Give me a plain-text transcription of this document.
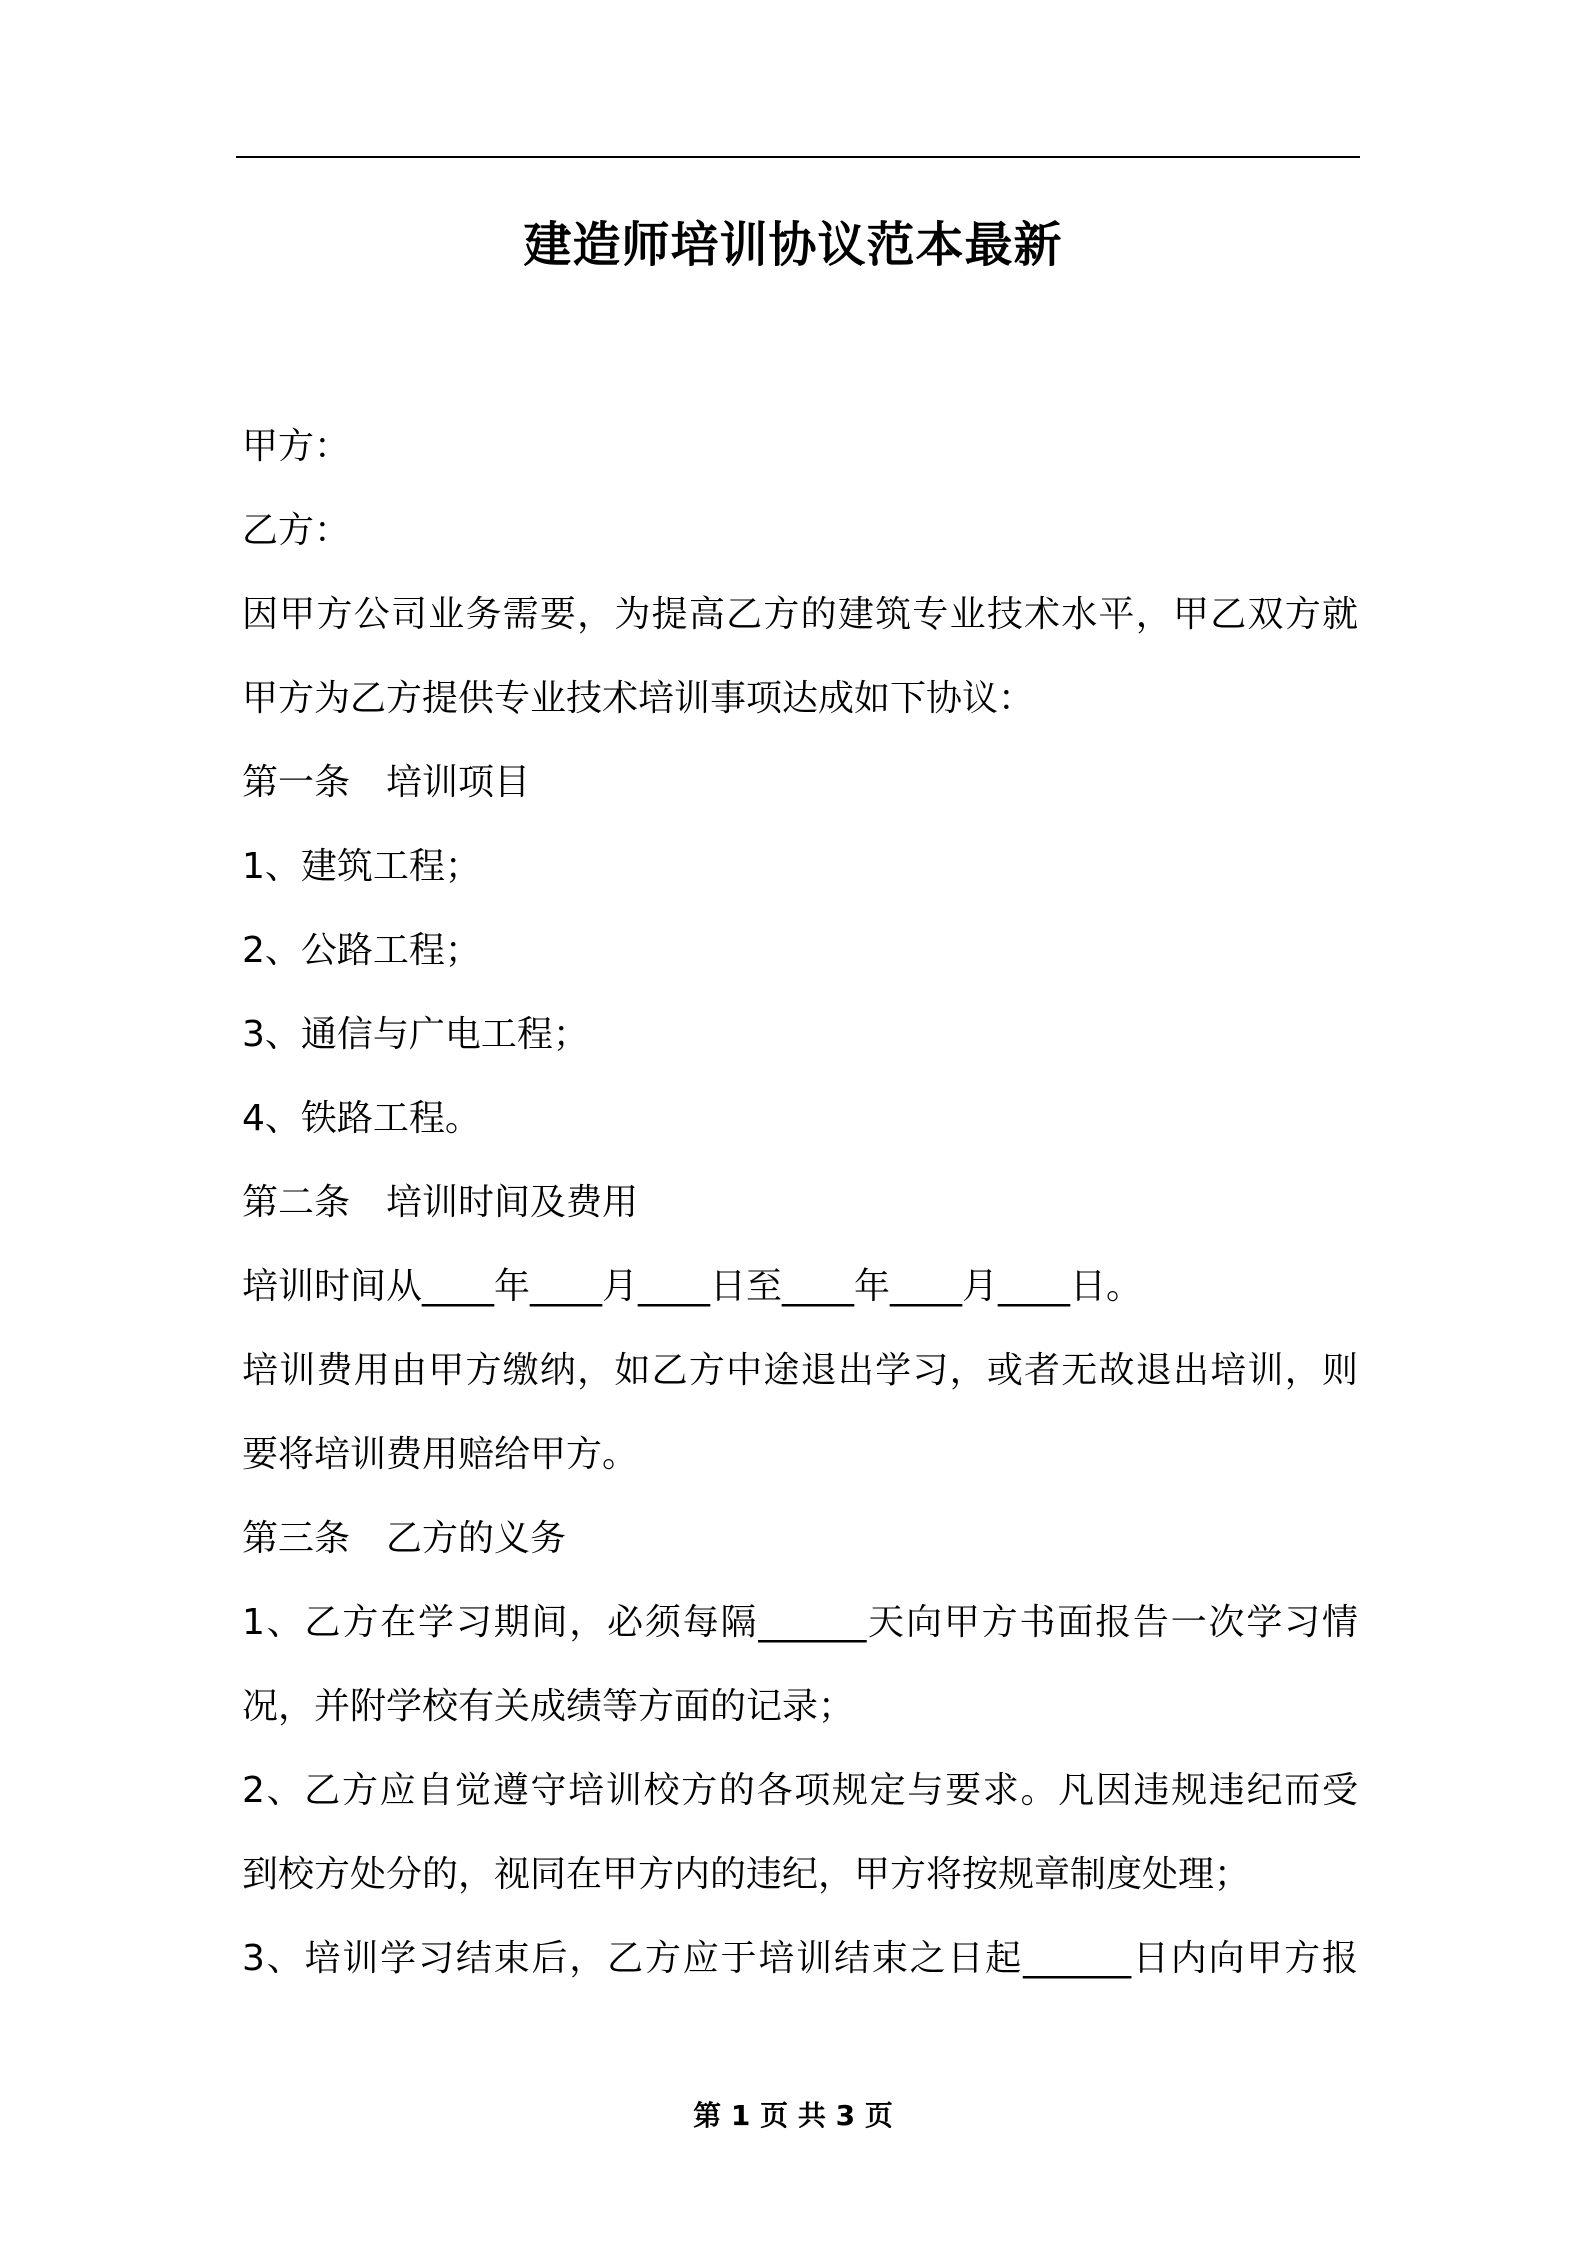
建造师培训协议范本最新
甲方：
乙方：
因甲方公司业务需要，为提高乙方的建筑专业技术水平，甲乙双方就
甲方为乙方提供专业技术培训事项达成如下协议：
第一条　培训项目
1、建筑工程；
2、公路工程；
3、通信与广电工程；
4、铁路工程。
第二条　培训时间及费用
培训时间从____年____月____日至____年____月____日。
培训费用由甲方缴纳，如乙方中途退出学习，或者无故退出培训，则
要将培训费用赔给甲方。
第三条　乙方的义务
1、乙方在学习期间，必须每隔______天向甲方书面报告一次学习情
况，并附学校有关成绩等方面的记录；
2、乙方应自觉遵守培训校方的各项规定与要求。凡因违规违纪而受
到校方处分的，视同在甲方内的违纪，甲方将按规章制度处理；
3、培训学习结束后，乙方应于培训结束之日起______日内向甲方报
第 1 页 共 3 页
